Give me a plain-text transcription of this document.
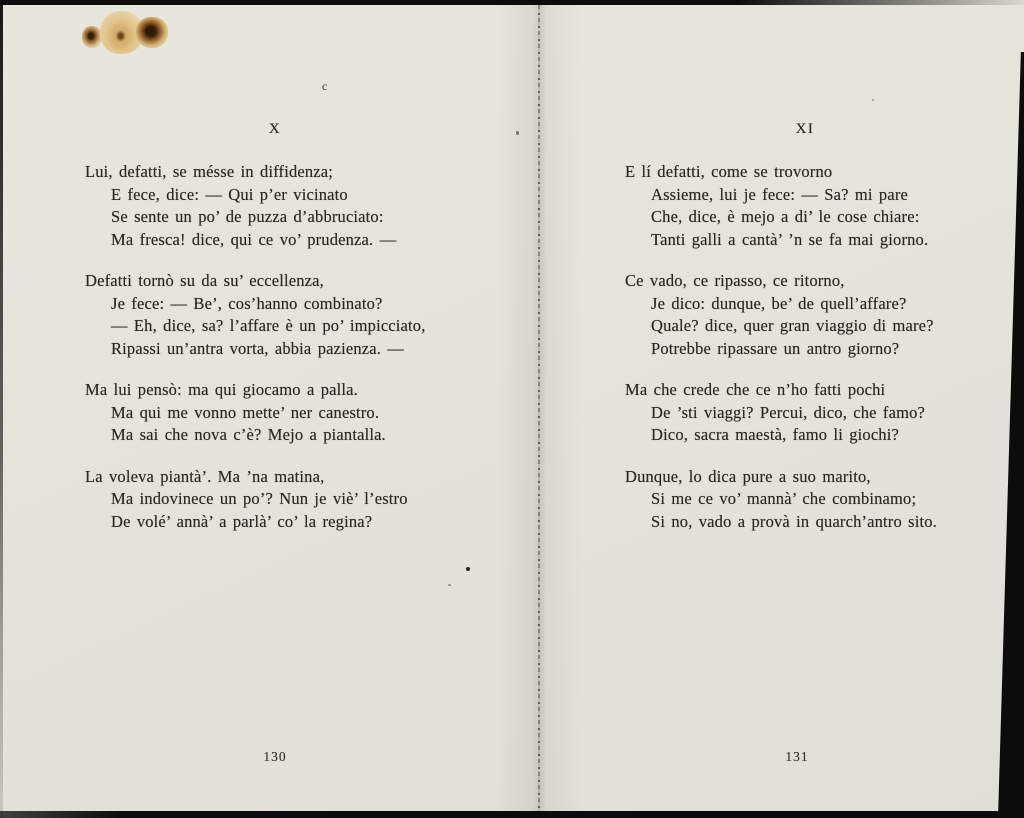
c
X
Lui, defatti, se mésse in diffidenza;
E fece, dice: — Qui p’er vicinato
Se sente un po’ de puzza d’abbruciato:
Ma fresca! dice, qui ce vo’ prudenza. —
Defatti tornò su da su’ eccellenza,
Je fece: — Be’, cos’hanno combinato?
— Eh, dice, sa? l’affare è un po’ impicciato,
Ripassi un’antra vorta, abbia pazienza. —
Ma lui pensò: ma qui giocamo a palla.
Ma qui me vonno mette’ ner canestro.
Ma sai che nova c’è? Mejo a piantalla.
La voleva piantà’. Ma ’na matina,
Ma indovinece un po’? Nun je viè’ l’estro
De volé’ annà’ a parlà’ co’ la regina?
130
XI
E lí defatti, come se trovorno
Assieme, lui je fece: — Sa? mi pare
Che, dice, è mejo a di’ le cose chiare:
Tanti galli a cantà’ ’n se fa mai giorno.
Ce vado, ce ripasso, ce ritorno,
Je dico: dunque, be’ de quell’affare?
Quale? dice, quer gran viaggio di mare?
Potrebbe ripassare un antro giorno?
Ma che crede che ce n’ho fatti pochi
De ’sti viaggi? Percui, dico, che famo?
Dico, sacra maestà, famo li giochi?
Dunque, lo dica pure a suo marito,
Si me ce vo’ mannà’ che combinamo;
Si no, vado a provà in quarch’antro sito.
131
